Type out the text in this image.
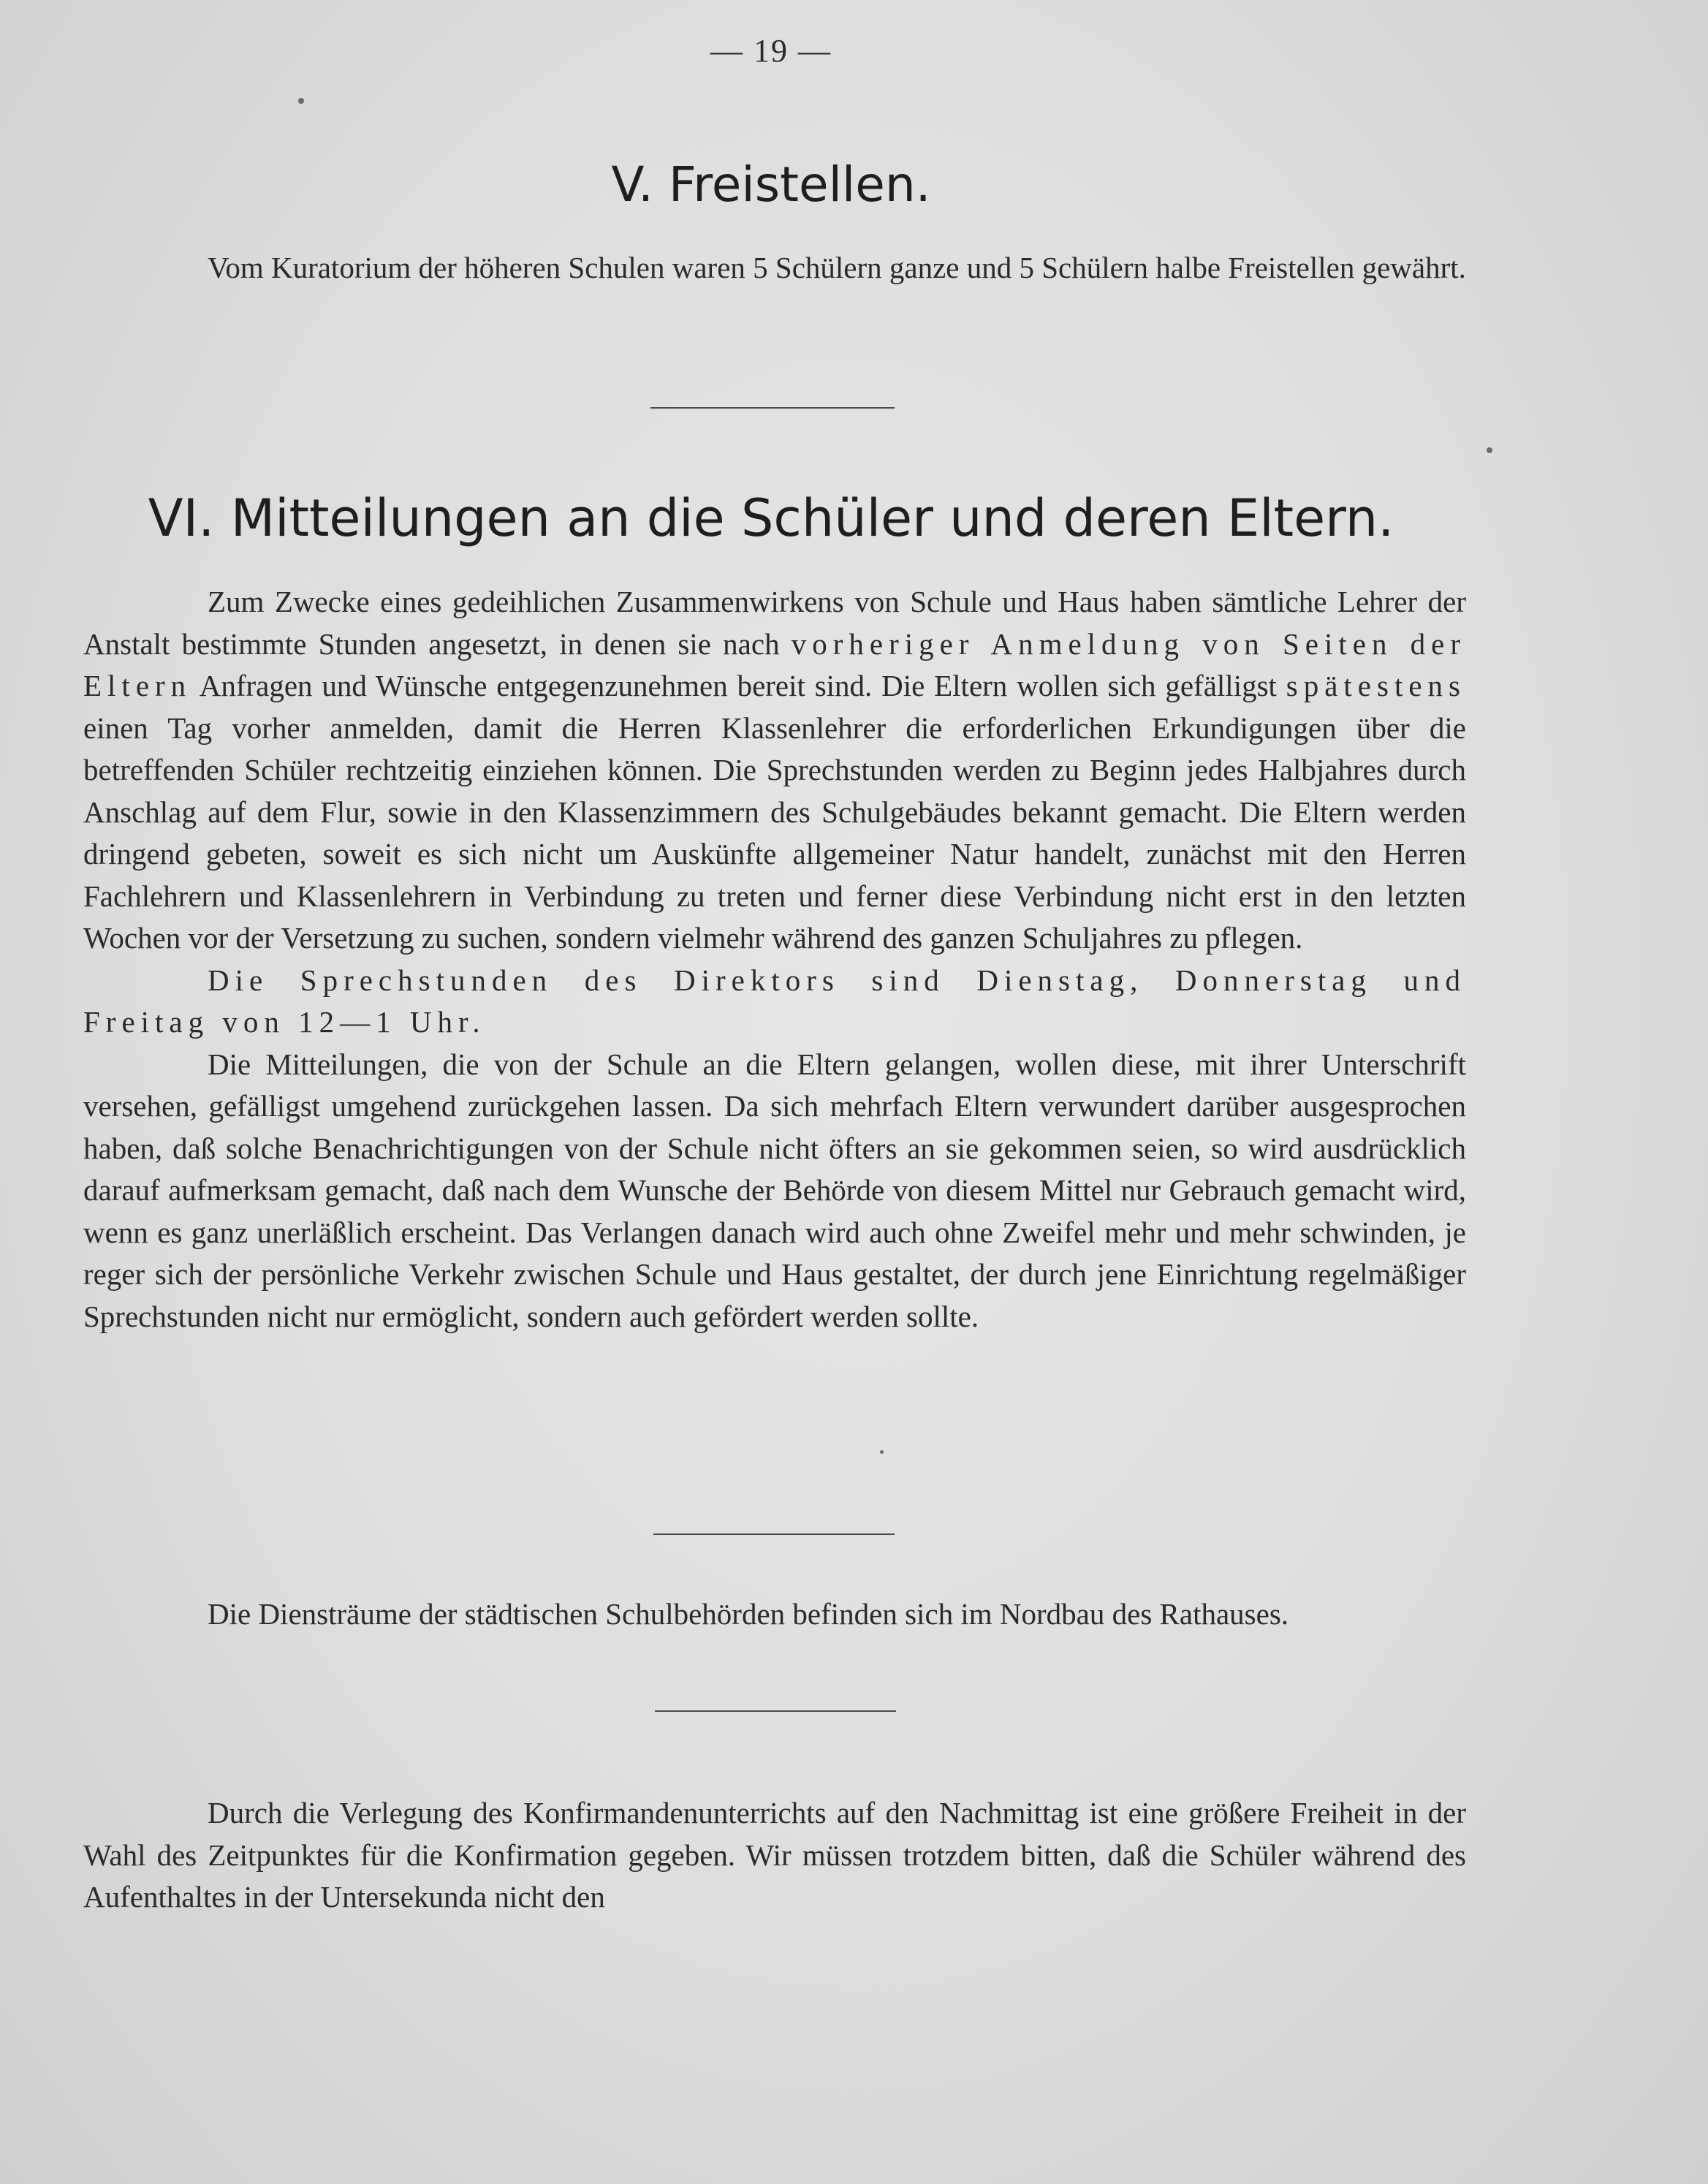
— 19 —
V. Freistellen.

Vom Kuratorium der höheren Schulen waren 5 Schülern ganze und 5 Schülern halbe Freistellen gewährt.

VI. Mitteilungen an die Schüler und deren Eltern.

Zum Zwecke eines gedeihlichen Zusammenwirkens von Schule und Haus haben sämtliche Lehrer der Anstalt bestimmte Stunden angesetzt, in denen sie nach vorheriger Anmeldung von Seiten der Eltern Anfragen und Wünsche entgegenzunehmen bereit sind. Die Eltern wollen sich gefälligst spätestens einen Tag vorher anmelden, damit die Herren Klassenlehrer die erforderlichen Erkundigungen über die betreffenden Schüler rechtzeitig einziehen können. Die Sprechstunden werden zu Beginn jedes Halbjahres durch Anschlag auf dem Flur, sowie in den Klassenzimmern des Schulgebäudes bekannt gemacht. Die Eltern werden dringend gebeten, soweit es sich nicht um Auskünfte allgemeiner Natur handelt, zunächst mit den Herren Fachlehrern und Klassenlehrern in Verbindung zu treten und ferner diese Verbindung nicht erst in den letzten Wochen vor der Versetzung zu suchen, sondern vielmehr während des ganzen Schuljahres zu pflegen.

Die Sprechstunden des Direktors sind Dienstag, Donnerstag und Freitag von 12—1 Uhr.

Die Mitteilungen, die von der Schule an die Eltern gelangen, wollen diese, mit ihrer Unterschrift versehen, gefälligst umgehend zurückgehen lassen. Da sich mehrfach Eltern verwundert darüber ausgesprochen haben, daß solche Benachrichtigungen von der Schule nicht öfters an sie gekommen seien, so wird ausdrücklich darauf aufmerksam gemacht, daß nach dem Wunsche der Behörde von diesem Mittel nur Gebrauch gemacht wird, wenn es ganz unerläßlich erscheint. Das Verlangen danach wird auch ohne Zweifel mehr und mehr schwinden, je reger sich der persönliche Verkehr zwischen Schule und Haus gestaltet, der durch jene Einrichtung regelmäßiger Sprechstunden nicht nur ermöglicht, sondern auch gefördert werden sollte.

Die Diensträume der städtischen Schulbehörden befinden sich im Nordbau des Rathauses.

Durch die Verlegung des Konfirmandenunterrichts auf den Nachmittag ist eine größere Freiheit in der Wahl des Zeitpunktes für die Konfirmation gegeben. Wir müssen trotzdem bitten, daß die Schüler während des Aufenthaltes in der Untersekunda nicht den
